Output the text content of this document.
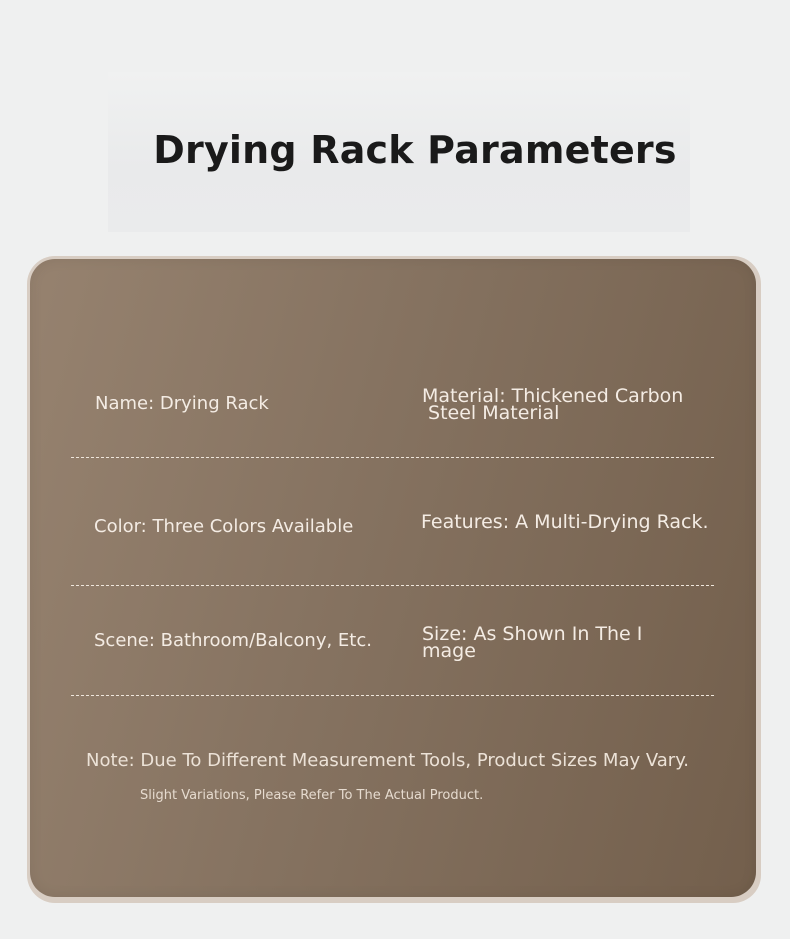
Drying Rack Parameters
Name: Drying Rack	Material: Thickened Carbon
Steel Material
Color: Three Colors Available	Features: A Multi-Drying Rack.
Scene: Bathroom/Balcony, Etc.	Size: As Shown In The I
mage
Note: Due To Different Measurement Tools, Product Sizes May Vary.
Slight Variations, Please Refer To The Actual Product.
